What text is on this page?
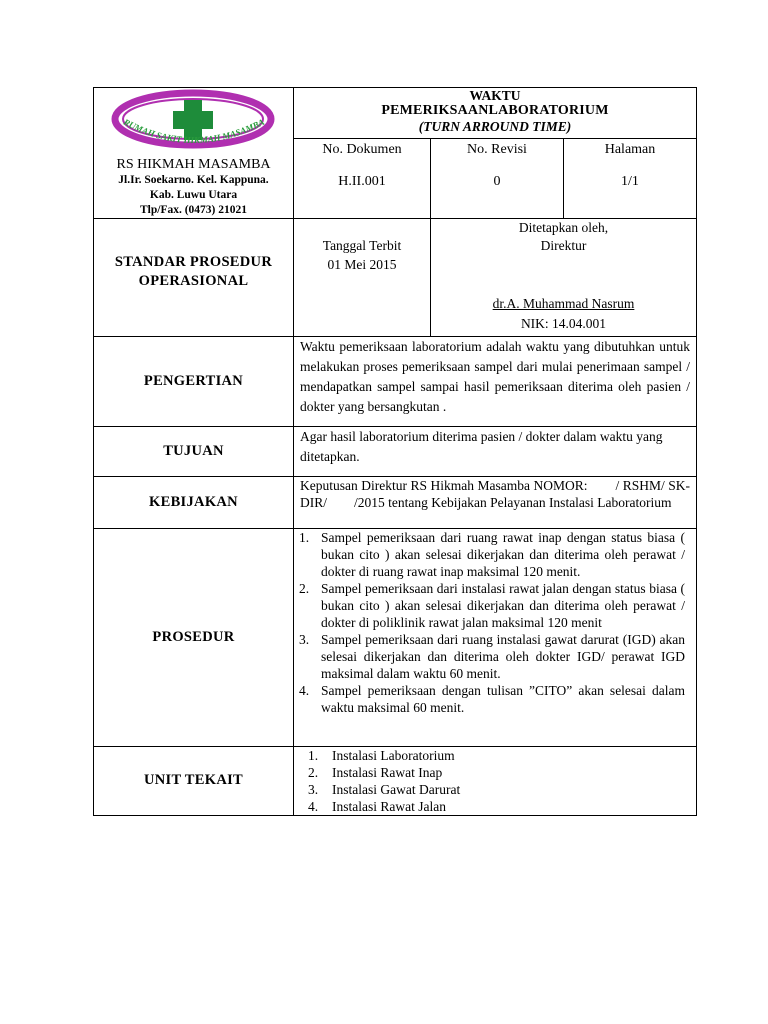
RUMAH SAKIT HIKMAH MASAMBA
RS HIKMAH MASAMBA
Jl.Ir. Soekarno. Kel. Kappuna.
Kab. Luwu Utara
Tlp/Fax. (0473) 21021
WAKTU
PEMERIKSAANLABORATORIUM
(TURN ARROUND TIME)
No. Dokumen
H.II.001
No. Revisi
0
Halaman
1/1
STANDAR PROSEDUR
OPERASIONAL
Tanggal Terbit
01 Mei 2015
Ditetapkan oleh,
Direktur
dr.A. Muhammad Nasrum
NIK: 14.04.001
PENGERTIAN
Waktu pemeriksaan laboratorium adalah waktu yang dibutuhkan untuk melakukan proses pemeriksaan sampel dari mulai penerimaan sampel / mendapatkan sampel sampai hasil pemeriksaan diterima oleh pasien / dokter yang bersangkutan .
TUJUAN
Agar hasil laboratorium diterima pasien / dokter dalam waktu yang ditetapkan.
KEBIJAKAN
Keputusan Direktur RS Hikmah Masamba NOMOR:        / RSHM/ SK-DIR/        /2015 tentang Kebijakan Pelayanan Instalasi Laboratorium
PROSEDUR
1. Sampel pemeriksaan dari ruang rawat inap dengan status biasa ( bukan cito ) akan selesai dikerjakan dan diterima oleh perawat / dokter di ruang rawat inap maksimal 120 menit.
2. Sampel pemeriksaan dari instalasi rawat jalan dengan status biasa ( bukan cito ) akan selesai dikerjakan dan diterima oleh perawat / dokter di poliklinik rawat jalan maksimal 120 menit
3. Sampel pemeriksaan dari ruang instalasi gawat darurat (IGD) akan selesai dikerjakan dan diterima oleh dokter IGD/ perawat IGD maksimal dalam waktu 60 menit.
4. Sampel pemeriksaan dengan tulisan ”CITO” akan selesai dalam waktu maksimal 60 menit.
UNIT TEKAIT
1. Instalasi Laboratorium
2. Instalasi Rawat Inap
3. Instalasi Gawat Darurat
4. Instalasi Rawat Jalan
